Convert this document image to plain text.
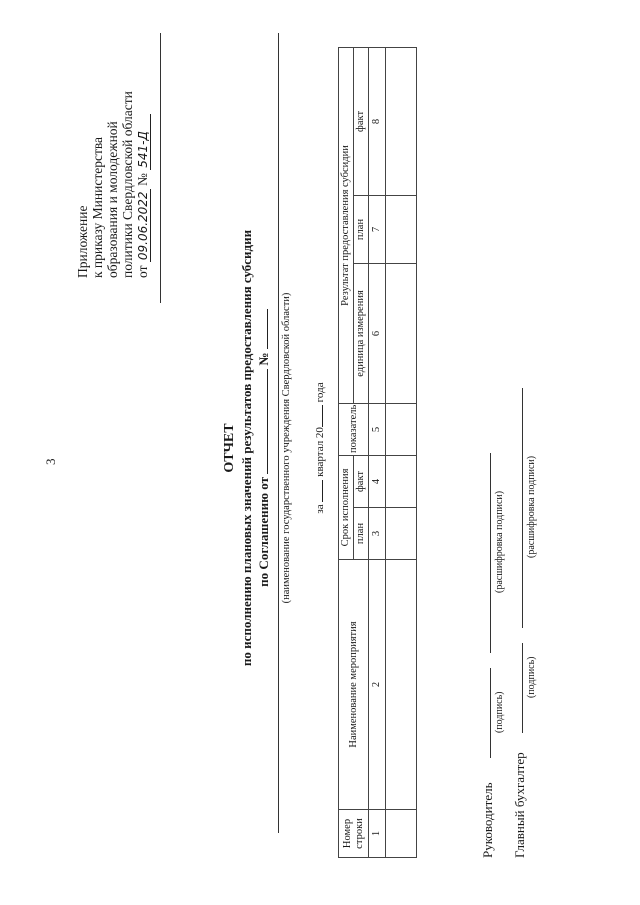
3
Приложение к приказу Министерства образования и молодежной политики Свердловской области от 09.06.2022 № 541-Д
ОТЧЕТ по исполнению плановых значений результатов предоставления субсидии по Соглашению от  № (наименование государственного учреждения Свердловской области)	за  квартал 20 года
Номер строки	Наименование мероприятия	Срок исполнения		показатель	Результат предоставления субсидии		
		план	факт		единица измерения	план	факт
1	2	3	4	5	6	7	8

Руководитель
(подпись)
(расшифровка подписи)
Главный бухгалтер
(подпись)
(расшифровка подписи)
